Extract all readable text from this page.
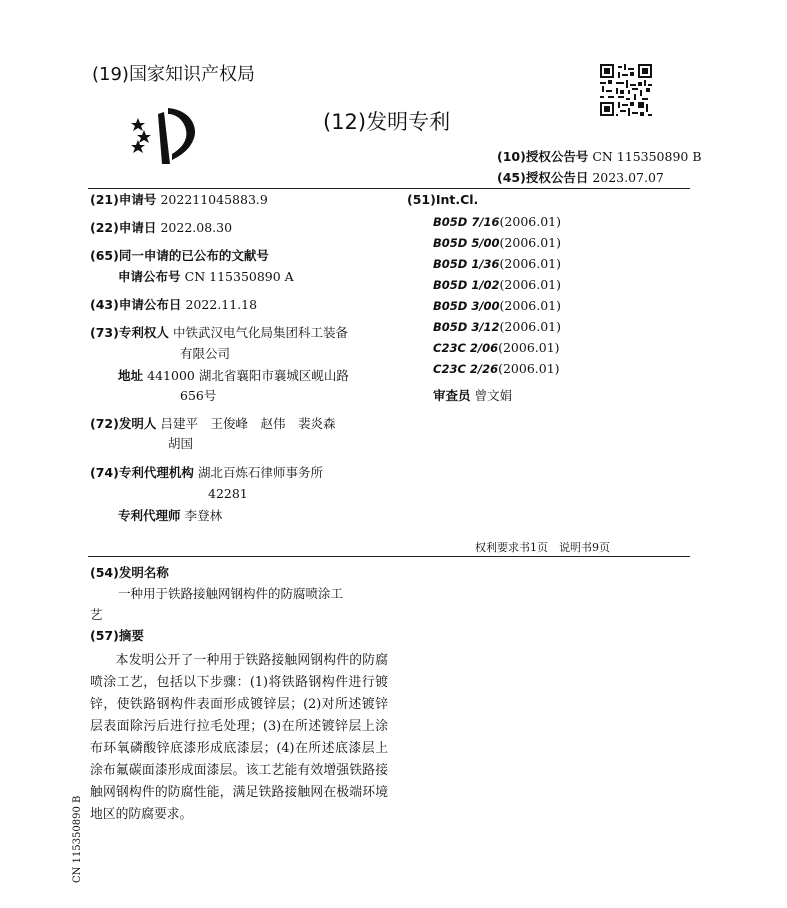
(19)国家知识产权局
(12)发明专利
(10)授权公告号 CN 115350890 B
(45)授权公告日 2023.07.07
(21)申请号 202211045883.9
(22)申请日 2022.08.30
(65)同一申请的已公布的文献号
申请公布号 CN 115350890 A
(43)申请公布日 2022.11.18
(73)专利权人 中铁武汉电气化局集团科工装备
有限公司
地址 441000 湖北省襄阳市襄城区岘山路
656号
(72)发明人 吕建平　王俊峰　赵伟　裴炎森
胡国
(74)专利代理机构 湖北百炼石律师事务所
42281
专利代理师 李登林
(51)Int.Cl.
B05D 7/16(2006.01)
B05D 5/00(2006.01)
B05D 1/36(2006.01)
B05D 1/02(2006.01)
B05D 3/00(2006.01)
B05D 3/12(2006.01)
C23C 2/06(2006.01)
C23C 2/26(2006.01)
审查员 曾文娟
权利要求书1页　说明书9页
(54)发明名称
一种用于铁路接触网钢构件的防腐喷涂工
艺
(57)摘要
本发明公开了一种用于铁路接触网钢构件的防腐喷涂工艺，包括以下步骤：(1)将铁路钢构件进行镀锌，使铁路钢构件表面形成镀锌层；(2)对所述镀锌层表面除污后进行拉毛处理；(3)在所述镀锌层上涂布环氧磷酸锌底漆形成底漆层；(4)在所述底漆层上涂布氟碳面漆形成面漆层。该工艺能有效增强铁路接触网钢构件的防腐性能，满足铁路接触网在极端环境地区的防腐要求。
CN 115350890 B
